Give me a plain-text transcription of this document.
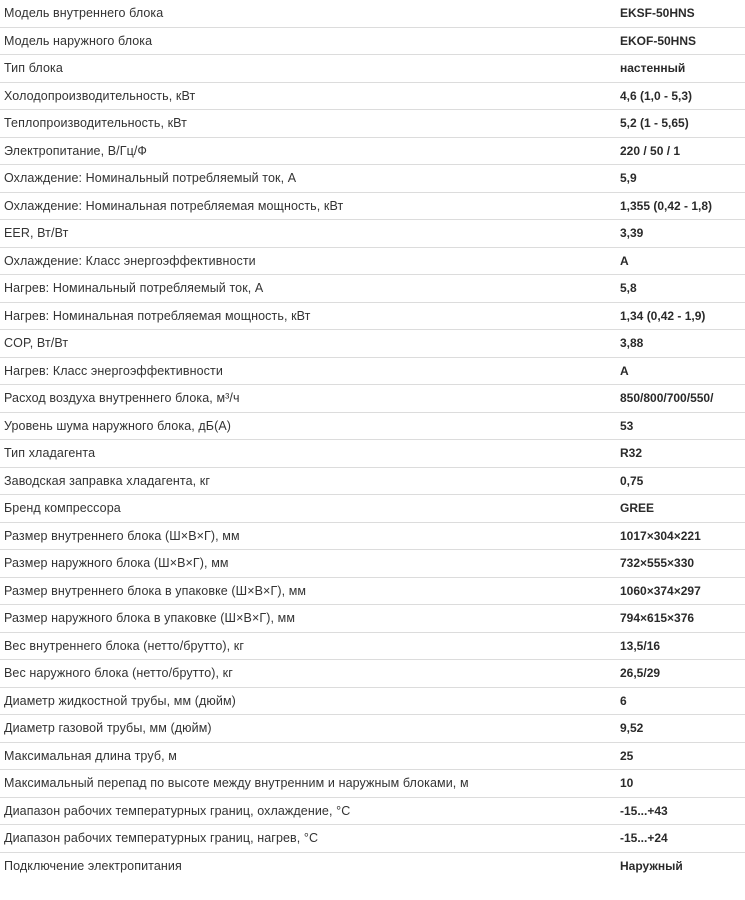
Модель внутреннего блока	EKSF-50HNS
Модель наружного блока	EKOF-50HNS
Тип блока	настенный
Холодопроизводительность, кВт	4,6 (1,0 - 5,3)
Теплопроизводительность, кВт	5,2 (1 - 5,65)
Электропитание, В/Гц/Ф	220 / 50 / 1
Охлаждение: Номинальный потребляемый ток, А	5,9
Охлаждение: Номинальная потребляемая мощность, кВт	1,355 (0,42 - 1,8)
EER, Вт/Вт	3,39
Охлаждение: Класс энергоэффективности	A
Нагрев: Номинальный потребляемый ток, А	5,8
Нагрев: Номинальная потребляемая мощность, кВт	1,34 (0,42 - 1,9)
COP, Вт/Вт	3,88
Нагрев: Класс энергоэффективности	A
Расход воздуха внутреннего блока, м³/ч	850/800/700/550/
Уровень шума наружного блока, дБ(А)	53
Тип хладагента	R32
Заводская заправка хладагента, кг	0,75
Бренд компрессора	GREE
Размер внутреннего блока (Ш×В×Г), мм	1017×304×221
Размер наружного блока (Ш×В×Г), мм	732×555×330
Размер внутреннего блока в упаковке (Ш×В×Г), мм	1060×374×297
Размер наружного блока в упаковке (Ш×В×Г), мм	794×615×376
Вес внутреннего блока (нетто/брутто), кг	13,5/16
Вес наружного блока (нетто/брутто), кг	26,5/29
Диаметр жидкостной трубы, мм (дюйм)	6
Диаметр газовой трубы, мм (дюйм)	9,52
Максимальная длина труб, м	25
Максимальный перепад по высоте между внутренним и наружным блоками, м	10
Диапазон рабочих температурных границ, охлаждение, °С	-15...+43
Диапазон рабочих температурных границ, нагрев, °С	-15...+24
Подключение электропитания	Наружный
